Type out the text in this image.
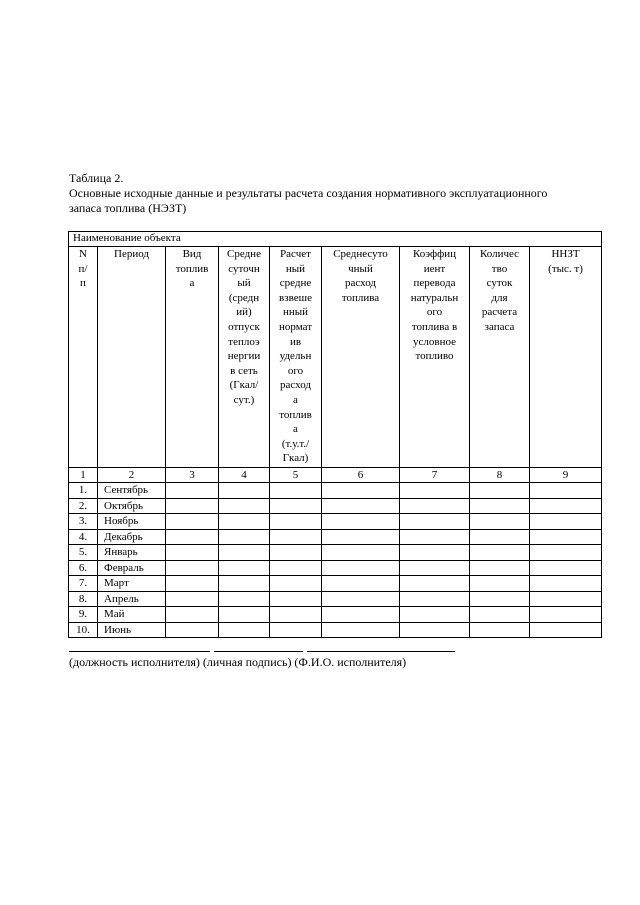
Таблица 2.
Основные исходные данные и результаты расчета создания нормативного эксплуатационного
запаса топлива (НЭЗТ)
Наименование объекта								
Nп/п	Период	Видтоплива	Среднесуточный(средний)отпусктеплоэнергиив сеть(Гкал/сут.)	Расчетныйсредневзвешенныйнормативудельногорасходатоплива(т.у.т./Гкал)	Среднесуточныйрасходтоплива	Коэффициентпереводанатуральноготоплива вусловноетопливо	Количествосутокдлярасчетазапаса	ННЗТ(тыс. т)
1	2	3	4	5	6	7	8	9
1.	Сентябрь							
2.	Октябрь							
3.	Ноябрь							
4.	Декабрь							
5.	Январь							
6.	Февраль							
7.	Март							
8.	Апрель							
9.	Май							
10.	Июнь							
(должность исполнителя) (личная подпись) (Ф.И.О. исполнителя)
